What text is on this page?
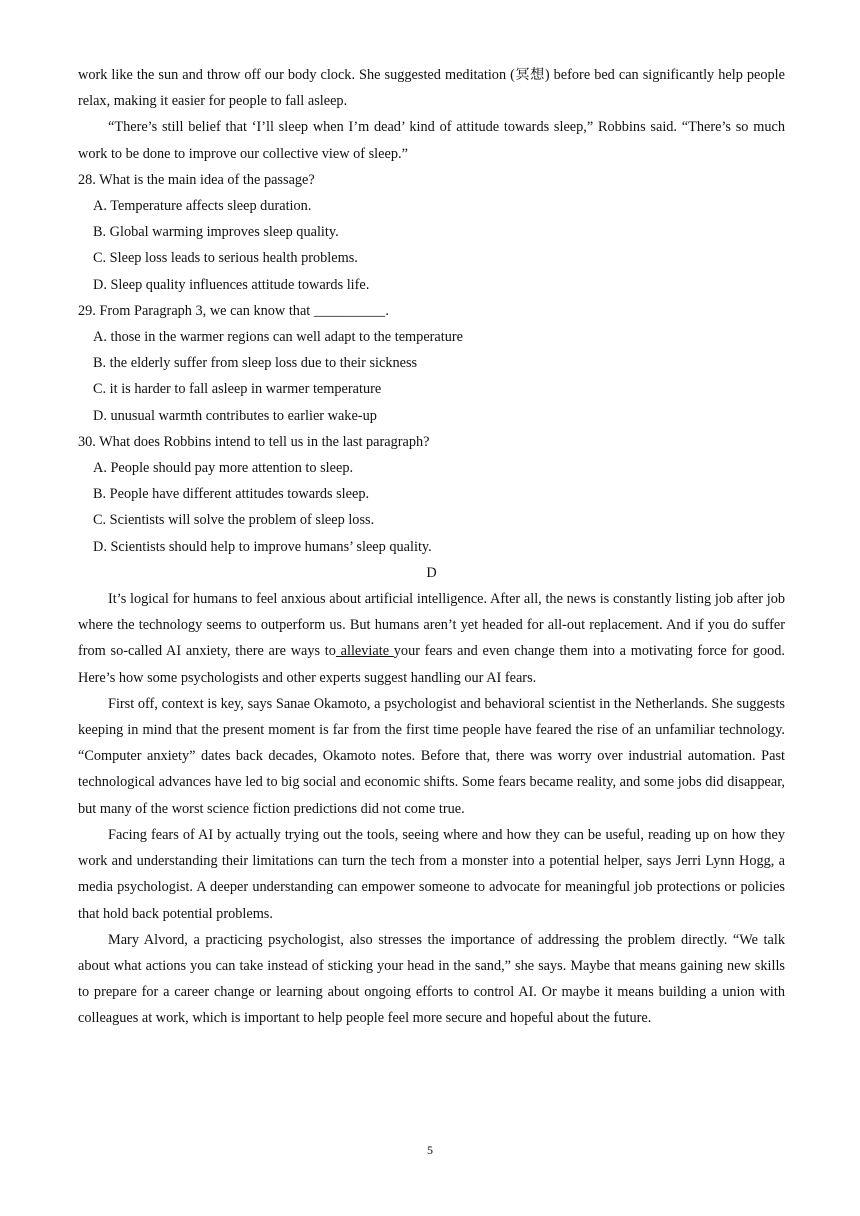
work like the sun and throw off our body clock. She suggested meditation (冥想) before bed can significantly help people relax, making it easier for people to fall asleep.

“There’s still belief that ‘I’ll sleep when I’m dead’ kind of attitude towards sleep,” Robbins said. “There’s so much work to be done to improve our collective view of sleep.”

28. What is the main idea of the passage?

A. Temperature affects sleep duration.

B. Global warming improves sleep quality.

C. Sleep loss leads to serious health problems.

D. Sleep quality influences attitude towards life.

29. From Paragraph 3, we can know that __________.

A. those in the warmer regions can well adapt to the temperature

B. the elderly suffer from sleep loss due to their sickness

C. it is harder to fall asleep in warmer temperature

D. unusual warmth contributes to earlier wake-up

30. What does Robbins intend to tell us in the last paragraph?

A. People should pay more attention to sleep.

B. People have different attitudes towards sleep.

C. Scientists will solve the problem of sleep loss.

D. Scientists should help to improve humans’ sleep quality.

D

It’s logical for humans to feel anxious about artificial intelligence. After all, the news is constantly listing job after job where the technology seems to outperform us. But humans aren’t yet headed for all-out replacement. And if you do suffer from so-called AI anxiety, there are ways to alleviate your fears and even change them into a motivating force for good. Here’s how some psychologists and other experts suggest handling our AI fears.

First off, context is key, says Sanae Okamoto, a psychologist and behavioral scientist in the Netherlands. She suggests keeping in mind that the present moment is far from the first time people have feared the rise of an unfamiliar technology. “Computer anxiety” dates back decades, Okamoto notes. Before that, there was worry over industrial automation. Past technological advances have led to big social and economic shifts. Some fears became reality, and some jobs did disappear, but many of the worst science fiction predictions did not come true.

Facing fears of AI by actually trying out the tools, seeing where and how they can be useful, reading up on how they work and understanding their limitations can turn the tech from a monster into a potential helper, says Jerri Lynn Hogg, a media psychologist. A deeper understanding can empower someone to advocate for meaningful job protections or policies that hold back potential problems.

Mary Alvord, a practicing psychologist, also stresses the importance of addressing the problem directly. “We talk about what actions you can take instead of sticking your head in the sand,” she says. Maybe that means gaining new skills to prepare for a career change or learning about ongoing efforts to control AI. Or maybe it means building a union with colleagues at work, which is important to help people feel more secure and hopeful about the future.

5
